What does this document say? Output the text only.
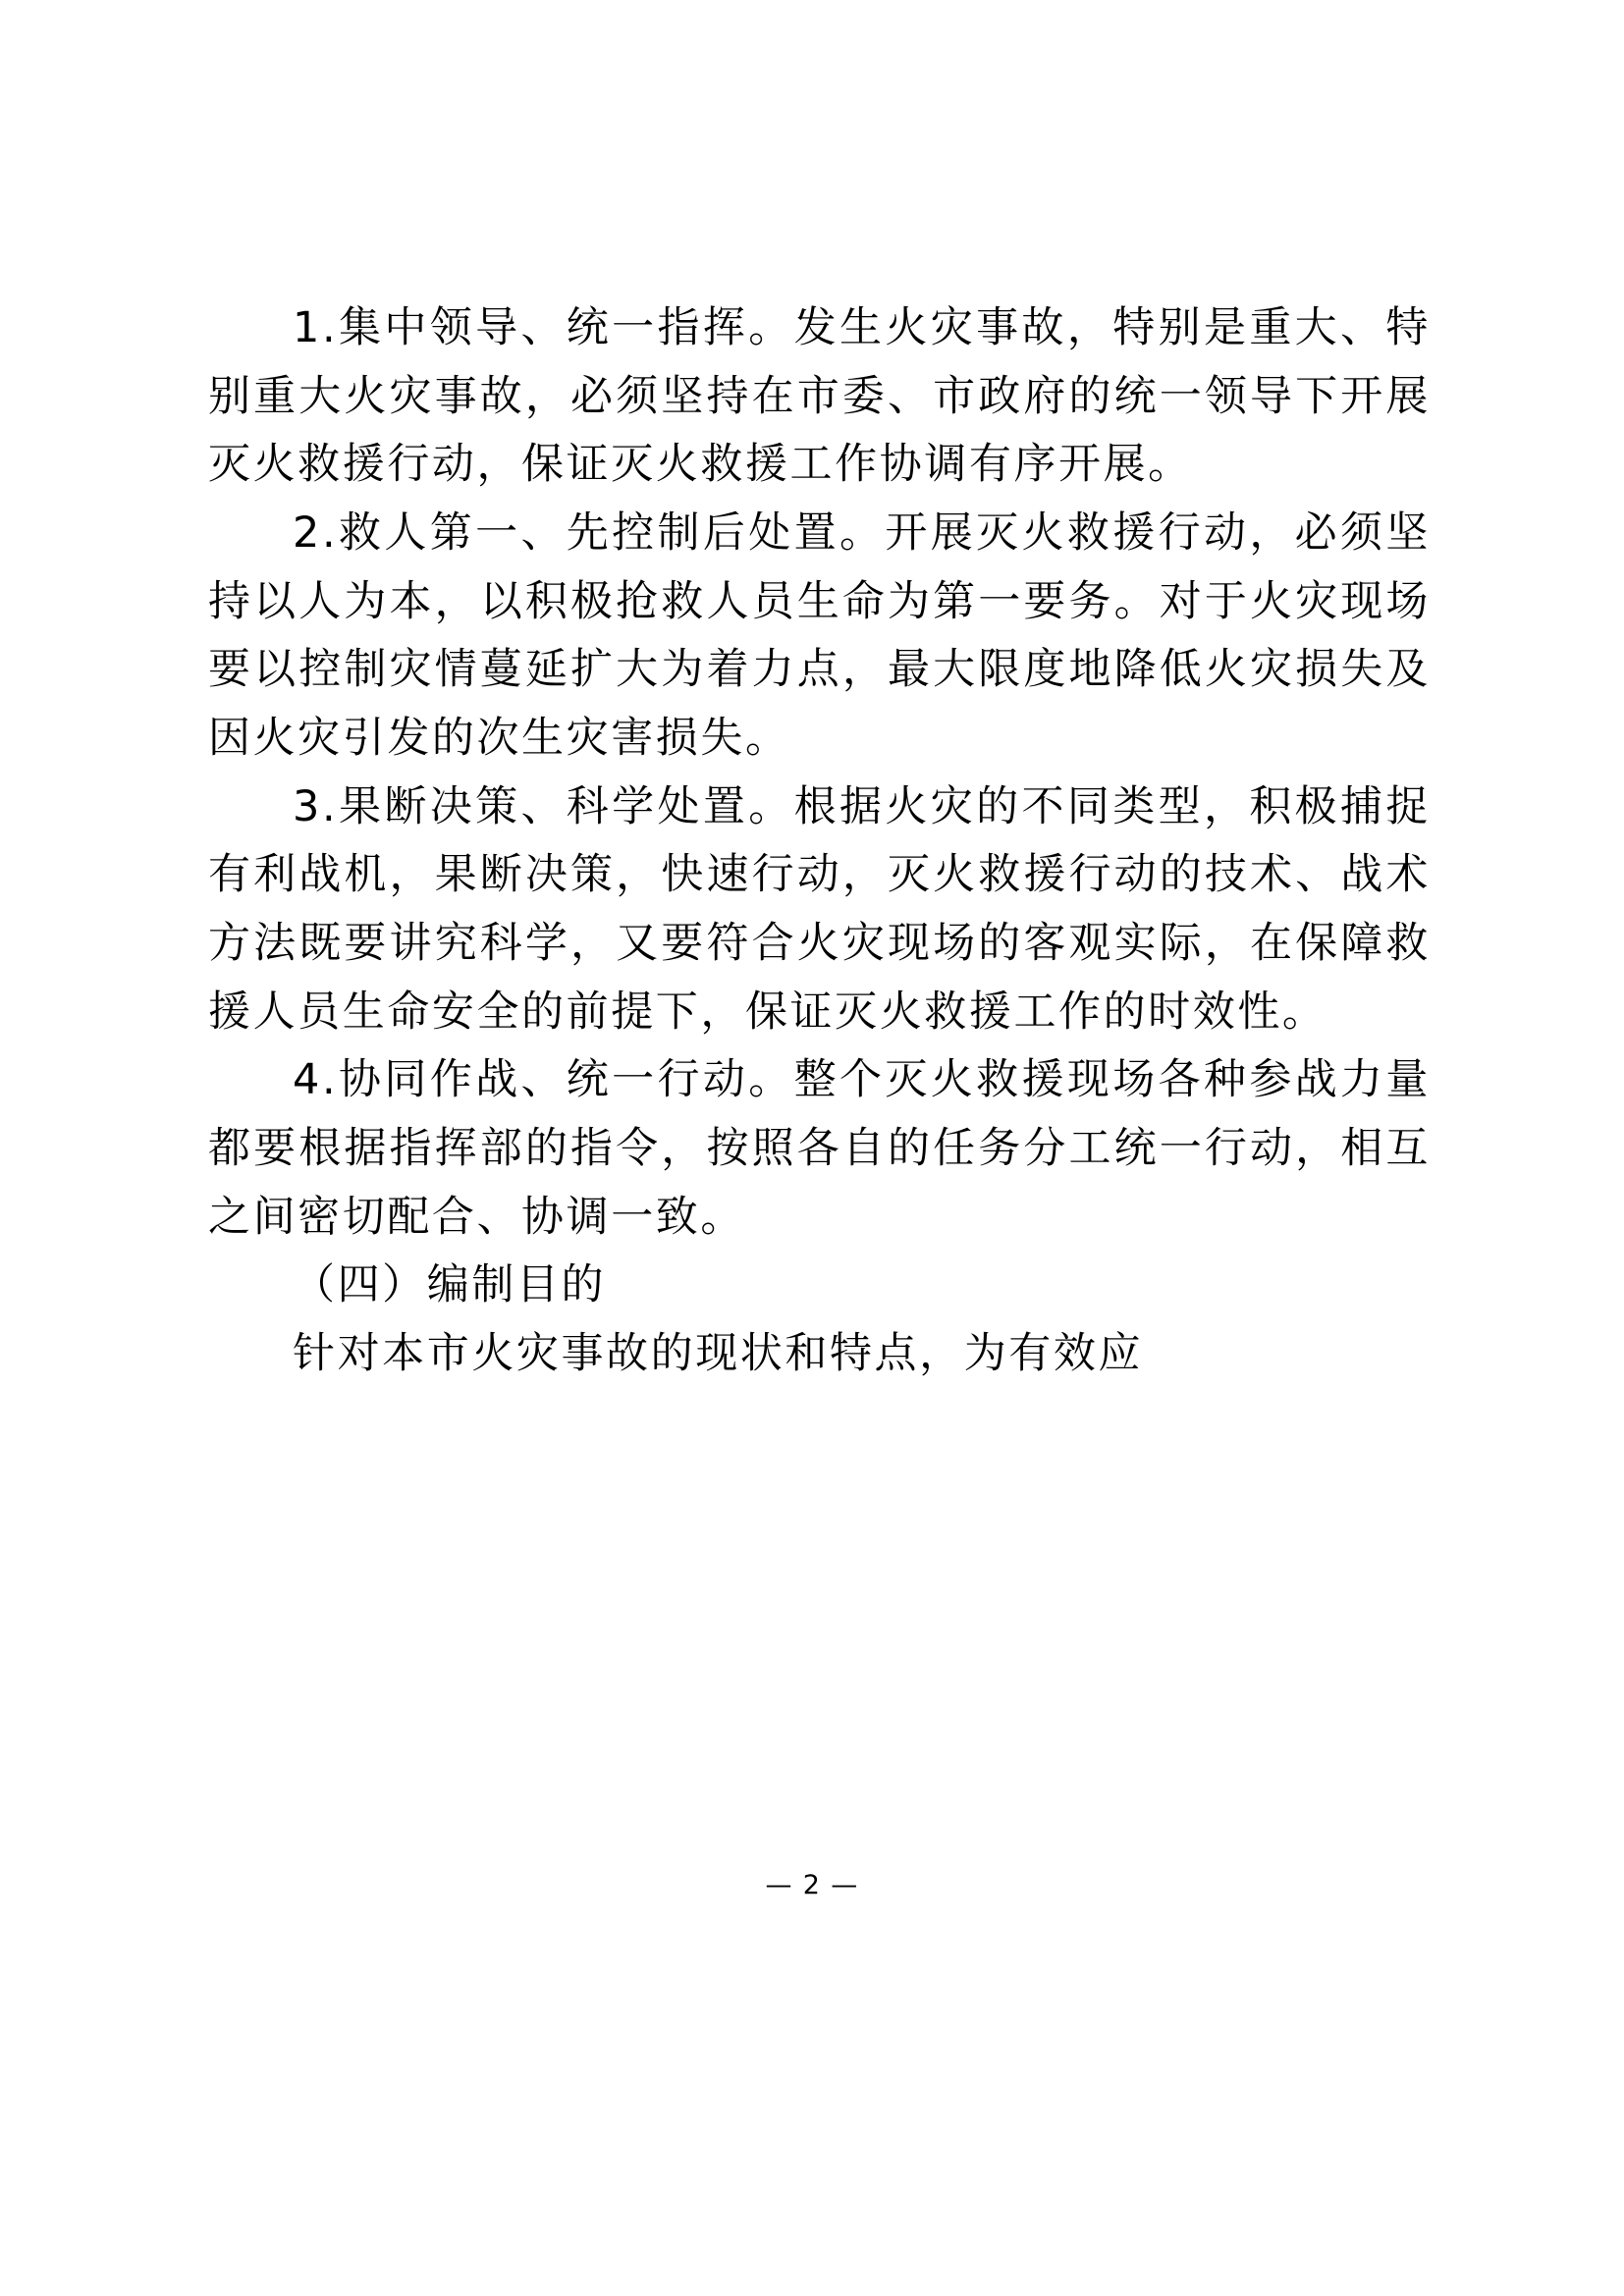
1.集中领导、统一指挥。发生火灾事故，特别是重大、特别重大火灾事故，必须坚持在市委、市政府的统一领导下开展灭火救援行动，保证灭火救援工作协调有序开展。

2.救人第一、先控制后处置。开展灭火救援行动，必须坚持以人为本，以积极抢救人员生命为第一要务。对于火灾现场要以控制灾情蔓延扩大为着力点，最大限度地降低火灾损失及因火灾引发的次生灾害损失。

3.果断决策、科学处置。根据火灾的不同类型，积极捕捉有利战机，果断决策，快速行动，灭火救援行动的技术、战术方法既要讲究科学，又要符合火灾现场的客观实际，在保障救援人员生命安全的前提下，保证灭火救援工作的时效性。

4.协同作战、统一行动。整个灭火救援现场各种参战力量都要根据指挥部的指令，按照各自的任务分工统一行动，相互之间密切配合、协调一致。

（四）编制目的

针对本市火灾事故的现状和特点，为有效应

— 2 —
